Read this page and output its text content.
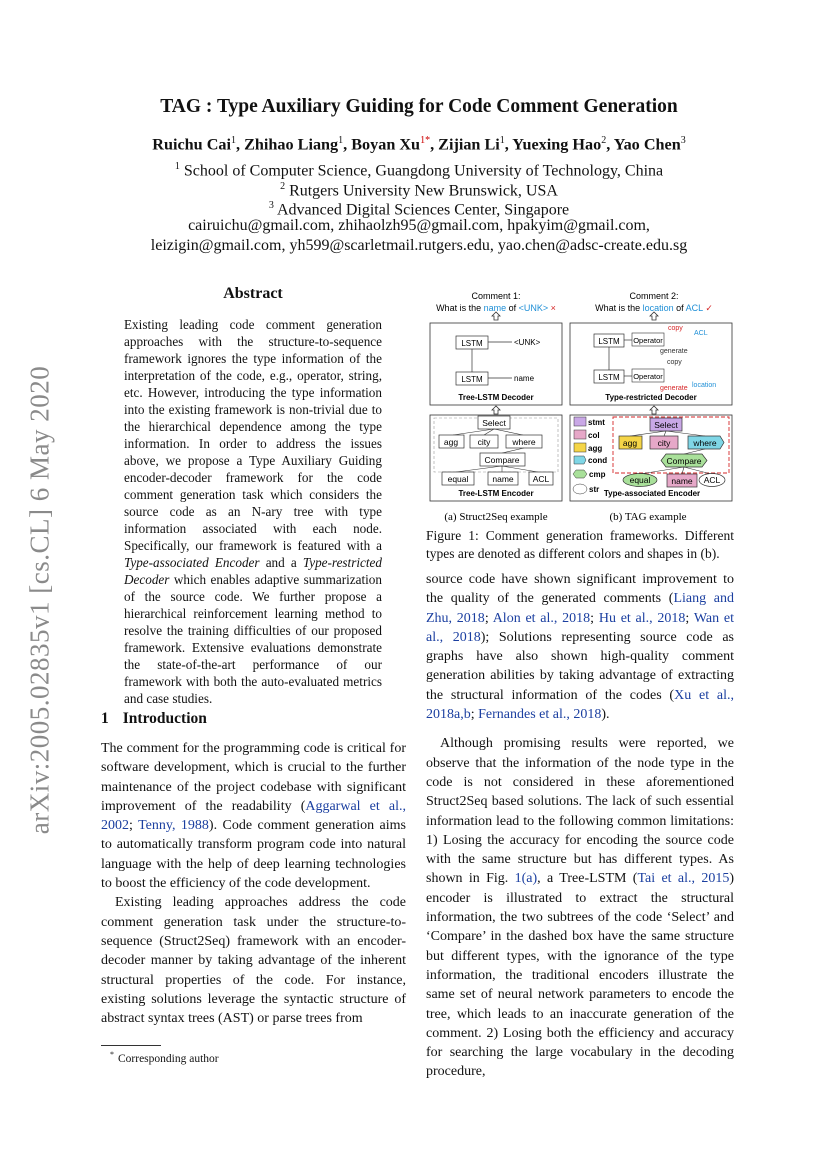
arXiv:2005.02835v1 [cs.CL] 6 May 2020
TAG : Type Auxiliary Guiding for Code Comment Generation
Ruichu Cai$^1$, Zhihao Liang$^1$, Boyan $Xu^{1*}$, Zijian Li$^1$, Yuexing Hao$^2$, Yao Chen$^3$
$^1$ School of Computer Science, Guangdong University of Technology, China
$^2$ Rutgers University New Brunswick, USA
$^3$ Advanced Digital Sciences Center, Singapore
cairuichu@gmail.com, zhihaolzh95@gmail.com, hpakyim@gmail.com,
leizigin@gmail.com, yh599@scarletmail.rutgers.edu, yao.chen@adsc-create.edu.sg
Abstract
Existing leading code comment generation approaches with the structure-to-sequence framework ignores the type information of the interpretation of the code, e.g., operator, string, etc. However, introducing the type information into the existing framework is non-trivial due to the hierarchical dependence among the type information. In order to address the issues above, we propose a Type Auxiliary Guiding encoder-decoder framework for the code comment generation task which considers the source code as an N-ary tree with type information associated with each node. Specifically, our framework is featured with a Type-associated Encoder and a Type-restricted Decoder which enables adaptive summarization of the source code. We further propose a hierarchical reinforcement learning method to resolve the training difficulties of our proposed framework. Extensive evaluations demonstrate the state-of-the-art performance of our framework with both the auto-evaluated metrics and case studies.
1 Introduction

The comment for the programming code is critical for software development, which is crucial to the further maintenance of the project codebase with significant improvement of the readability (Aggarwal et al., 2002; Tenny, 1988). Code comment generation aims to automatically transform program code into natural language with the help of deep learning technologies to boost the efficiency of the code development.

Existing leading approaches address the code comment generation task under the structure-to-sequence (Struct2Seq) framework with an encoder-decoder manner by taking advantage of the inherent structural properties of the code. For instance, existing solutions leverage the syntactic structure of abstract syntax trees (AST) or parse trees from

* Corresponding author
Comment 1:
What is the name of <UNK> ×
LSTM	<UNK>
LSTM	name
Tree-LSTM Decoder
Select
agg city	where
Compare
equal	name ACL
Tree-LSTM Encoder
Comment 2:
What is the location of ACL ✓
LSTM Operator
copy
ACL
generate
copy
LSTM Operator
location
generate
Type-restricted Decoder
stmt
col
agg
cond
cmp
str
Select
agg city	where
Compare
equal name ACL
Type-associated Encoder
(a) Struct2Seq example	(b) TAG example
Figure 1: Comment generation frameworks. Different types are denoted as different colors and shapes in (b).

source code have shown significant improvement to the quality of the generated comments (Liang and Zhu, 2018; Alon et al., 2018; Hu et al., 2018; Wan et al., 2018); Solutions representing source code as graphs have also shown high-quality comment generation abilities by taking advantage of extracting the structural information of the codes (Xu et al., 2018a,b; Fernandes et al., 2018).

Although promising results were reported, we observe that the information of the node type in the code is not considered in these aforementioned Struct2Seq based solutions. The lack of such essential information lead to the following common limitations: 1) Losing the accuracy for encoding the source code with the same structure but has different types. As shown in Fig. 1(a), a Tree-LSTM (Tai et al., 2015) encoder is illustrated to extract the structural information, the two subtrees of the code ‘Select’ and ‘Compare’ in the dashed box have the same structure but different types, with the ignorance of the type information, the traditional encoders illustrate the same set of neural network parameters to encode the tree, which leads to an inaccurate generation of the comment. 2) Losing both the efficiency and accuracy for searching the large vocabulary in the decoding procedure,
